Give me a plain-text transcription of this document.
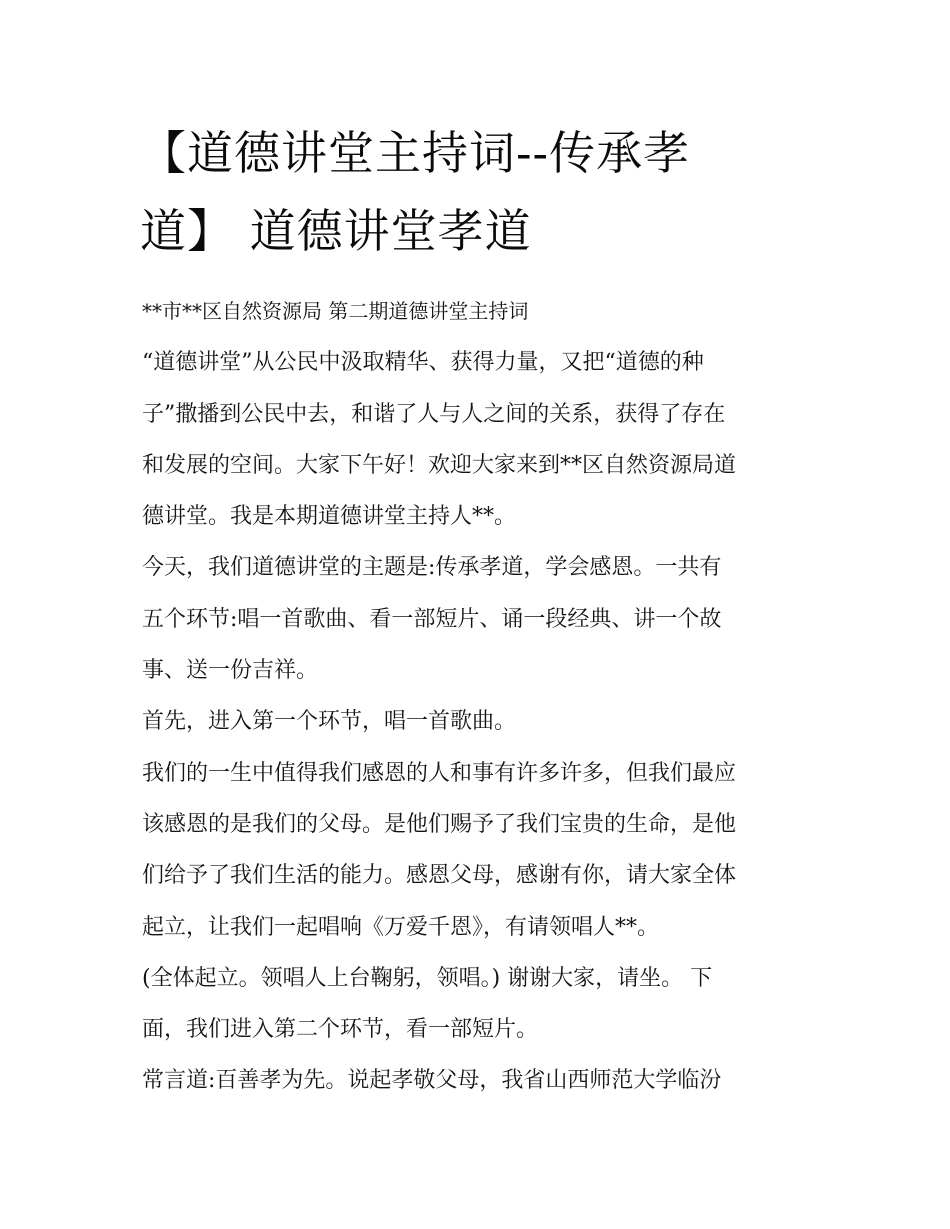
【道德讲堂主持词--传承孝
道】 道德讲堂孝道
**市**区自然资源局 第二期道德讲堂主持词
“道德讲堂”从公民中汲取精华、获得力量，又把“道德的种
子”撒播到公民中去，和谐了人与人之间的关系，获得了存在
和发展的空间。大家下午好！欢迎大家来到**区自然资源局道
德讲堂。我是本期道德讲堂主持人**。
今天，我们道德讲堂的主题是:传承孝道，学会感恩。一共有
五个环节:唱一首歌曲、看一部短片、诵一段经典、讲一个故
事、送一份吉祥。
首先，进入第一个环节，唱一首歌曲。
我们的一生中值得我们感恩的人和事有许多许多，但我们最应
该感恩的是我们的父母。是他们赐予了我们宝贵的生命，是他
们给予了我们生活的能力。感恩父母，感谢有你，请大家全体
起立，让我们一起唱响《万爱千恩》，有请领唱人**。
(全体起立。领唱人上台鞠躬，领唱。) 谢谢大家，请坐。 下
面，我们进入第二个环节，看一部短片。
常言道:百善孝为先。说起孝敬父母，我省山西师范大学临汾
